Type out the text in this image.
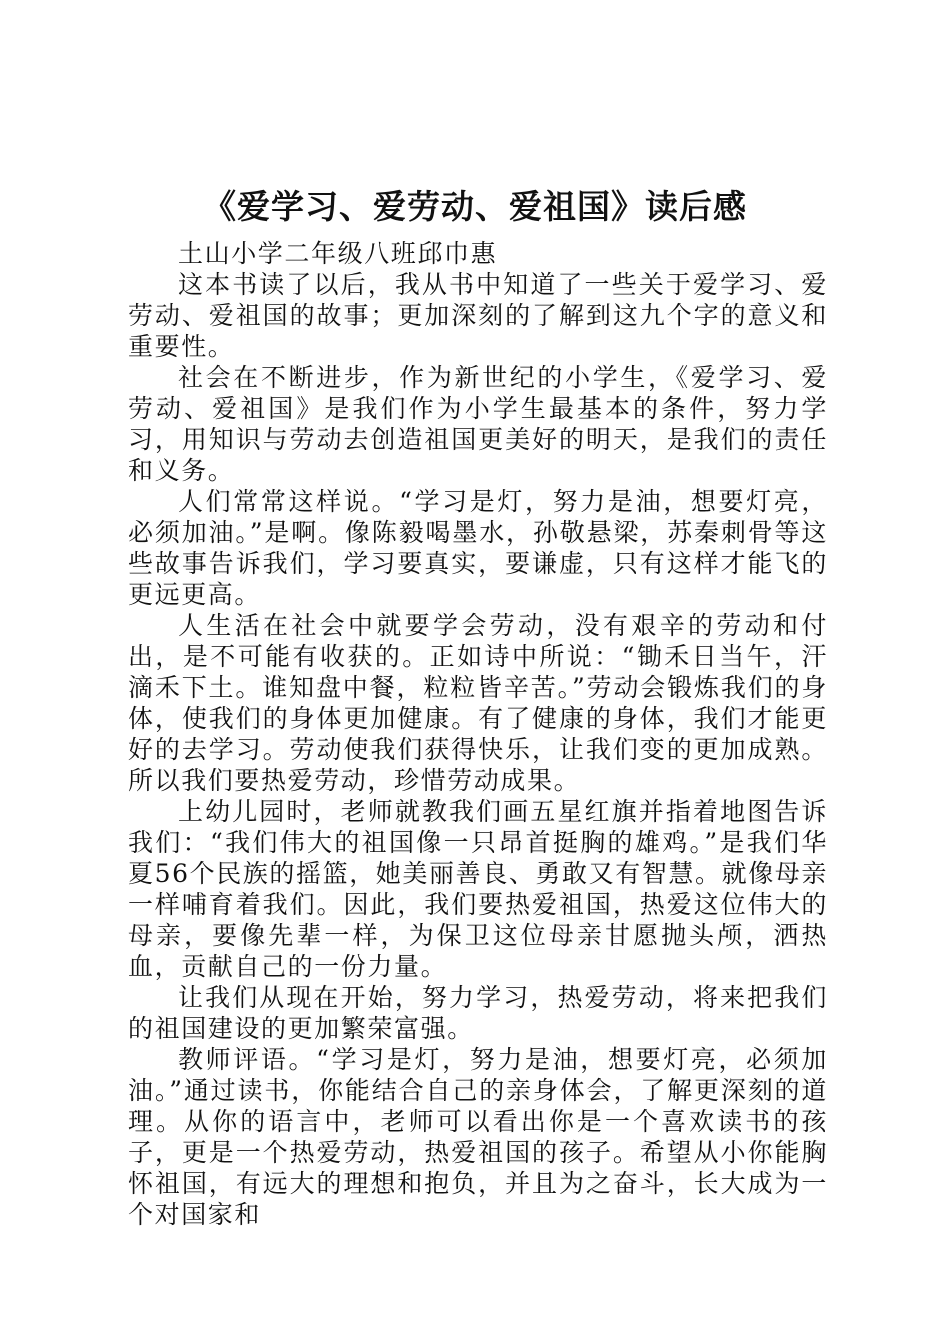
《爱学习、爱劳动、爱祖国》读后感

土山小学二年级八班邱巾惠

这本书读了以后，我从书中知道了一些关于爱学习、爱劳动、爱祖国的故事；更加深刻的了解到这九个字的意义和重要性。

社会在不断进步，作为新世纪的小学生，《爱学习、爱劳动、爱祖国》是我们作为小学生最基本的条件，努力学习，用知识与劳动去创造祖国更美好的明天，是我们的责任和义务。

人们常常这样说。“学习是灯，努力是油，想要灯亮，必须加油。”是啊。像陈毅喝墨水，孙敬悬梁，苏秦刺骨等这些故事告诉我们，学习要真实，要谦虚，只有这样才能飞的更远更高。

人生活在社会中就要学会劳动，没有艰辛的劳动和付出，是不可能有收获的。正如诗中所说：“锄禾日当午，汗滴禾下土。谁知盘中餐，粒粒皆辛苦。”劳动会锻炼我们的身体，使我们的身体更加健康。有了健康的身体，我们才能更好的去学习。劳动使我们获得快乐，让我们变的更加成熟。所以我们要热爱劳动，珍惜劳动成果。

上幼儿园时，老师就教我们画五星红旗并指着地图告诉我们：“我们伟大的祖国像一只昂首挺胸的雄鸡。”是我们华夏56个民族的摇篮，她美丽善良、勇敢又有智慧。就像母亲一样哺育着我们。因此，我们要热爱祖国，热爱这位伟大的母亲，要像先辈一样，为保卫这位母亲甘愿抛头颅，洒热血，贡献自己的一份力量。

让我们从现在开始，努力学习，热爱劳动，将来把我们的祖国建设的更加繁荣富强。

教师评语。“学习是灯，努力是油，想要灯亮，必须加油。”通过读书，你能结合自己的亲身体会，了解更深刻的道理。从你的语言中，老师可以看出你是一个喜欢读书的孩子，更是一个热爱劳动，热爱祖国的孩子。希望从小你能胸怀祖国，有远大的理想和抱负，并且为之奋斗，长大成为一个对国家和
